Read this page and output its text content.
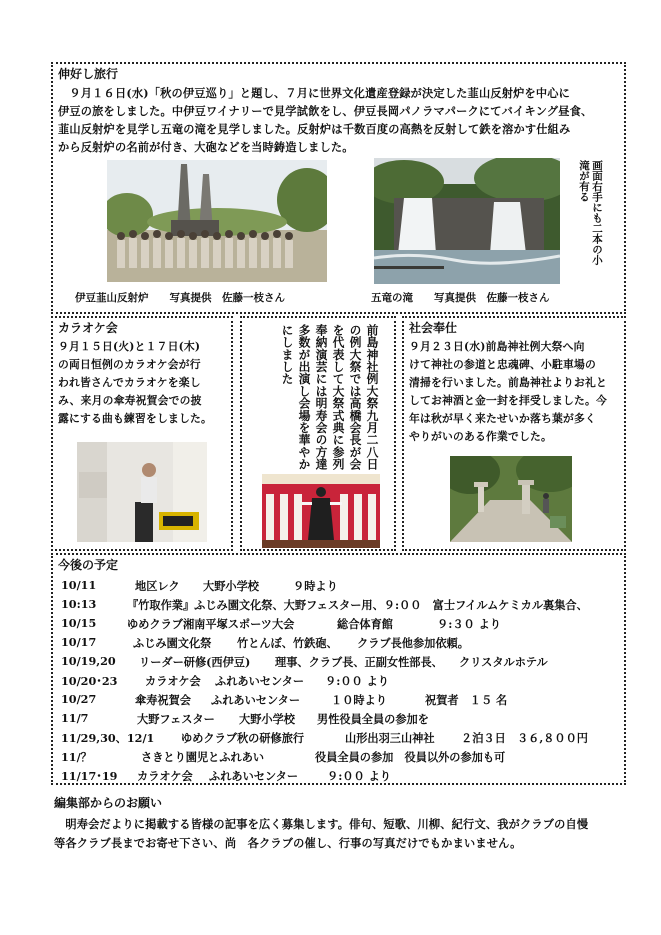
伸好し旅行
　９月１６日(水)「秋の伊豆巡り」と題し、７月に世界文化遺産登録が決定した韮山反射炉を中心に
伊豆の旅をしました。中伊豆ワイナリーで見学試飲をし、伊豆長岡パノラマパークにてバイキング昼食、
韮山反射炉を見学し五竜の滝を見学しました。反射炉は千数百度の高熱を反射して鉄を溶かす仕組み
から反射炉の名前が付き、大砲などを当時鋳造しました。
伊豆韮山反射炉　　写真提供　佐藤一枝さん	五竜の滝　　写真提供　佐藤一枝さん
画面右手にも二本の小滝が有る
カラオケ会
９月１５日(火)と１７日(木)
の両日恒例のカラオケ会が行
われ皆さんでカラオケを楽し
み、来月の傘寿祝賀会での披
露にする曲も練習をしました。	前島神社例大祭九月二八日の例大祭では高橋会長が会を代表して大祭式典に参列奉納演芸には明寿会の方達多数が出演し会場を華やかにしました	社会奉仕
９月２３日(水)前島神社例大祭へ向
けて神社の参道と忠魂碑、小駐車場の
清掃を行いました。前島神社よりお礼と
してお神酒と金一封を拝受しました。今
年は秋が早く来たせいか落ち葉が多く
やりがいのある作業でした。
今後の予定
10/11	地区レク 大野小学校	９時より
10:13	『竹取作業』ふじみ園文化祭、大野フェスター用、９:００　富士フイルムケミカル裏集合、
10/15	ゆめクラブ湘南平塚スポーツ大会	総合体育館	９:３０ より
10/17	ふじみ園文化祭 竹とんぼ、竹鉄砲、 クラブ長他参加依頼。
10/19,20 リーダー研修(西伊豆) 理事、クラブ長、正副女性部長、 クリスタルホテル
10/20･23 カラオケ会 ふれあいセンター ９:００ より
10/27	傘寿祝賀会 ふれあいセンター	１０時より	祝賀者　１５ 名
11/7	大野フェスター 大野小学校 男性役員全員の参加を
11/29,30、12/1 ゆめクラブ秋の研修旅行	山形出羽三山神社 ２泊３日　３６,８００円
11/？	さきとり園児とふれあい	役員全員の参加　役員以外の参加も可
11/17･19 カラオケ会 ふれあいセンター	９:００ より
編集部からのお願い
　明寿会だよりに掲載する皆様の記事を広く募集します。俳句、短歌、川柳、紀行文、我がクラブの自慢
等各クラブ長までお寄せ下さい、尚　各クラブの催し、行事の写真だけでもかまいません。
